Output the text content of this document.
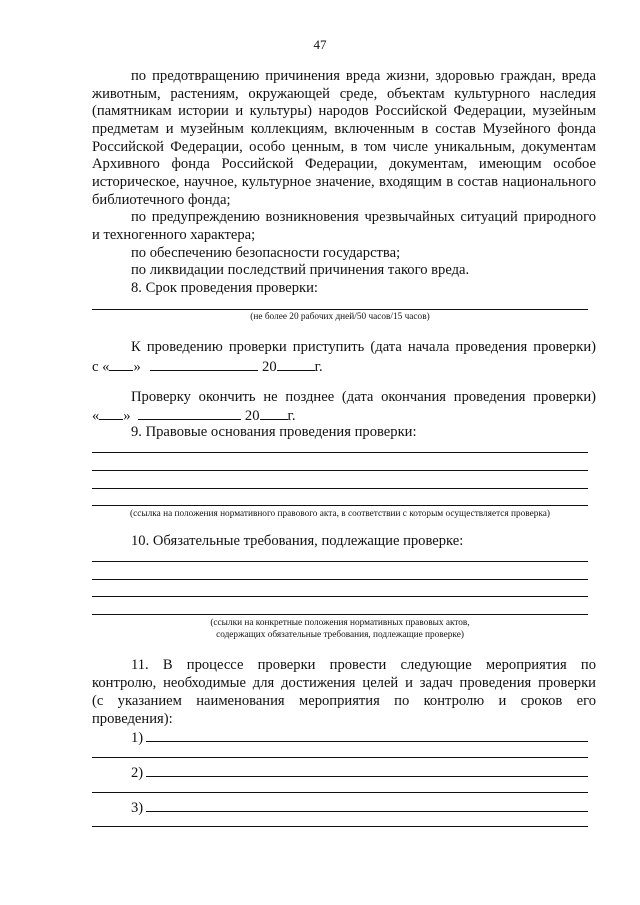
47
по предотвращению причинения вреда жизни, здоровью граждан, вреда
животным, растениям, окружающей среде, объектам культурного наследия
(памятникам истории и культуры) народов Российской Федерации, музейным
предметам и музейным коллекциям, включенным в состав Музейного фонда
Российской Федерации, особо ценным, в том числе уникальным, документам
Архивного фонда Российской Федерации, документам, имеющим особое
историческое, научное, культурное значение, входящим в состав национального
библиотечного фонда;
по предупреждению возникновения чрезвычайных ситуаций природного
и техногенного характера;
по обеспечению безопасности государства;
по ликвидации последствий причинения такого вреда.
8. Срок проведения проверки:
(не более 20 рабочих дней/50 часов/15 часов)
К проведению проверки приступить (дата начала проведения проверки)
с « »	20	г.
Проверку окончить не позднее (дата окончания проведения проверки)
« »	20 г.
9. Правовые основания проведения проверки:
(ссылка на положения нормативного правового акта, в соответствии с которым осуществляется проверка)
10. Обязательные требования, подлежащие проверке:
(ссылки на конкретные положения нормативных правовых актов,
содержащих обязательные требования, подлежащие проверке)
11. В процессе проверки провести следующие мероприятия по
контролю, необходимые для достижения целей и задач проведения проверки
(с указанием наименования мероприятия по контролю и сроков его
проведения):
1)
2)
3)
